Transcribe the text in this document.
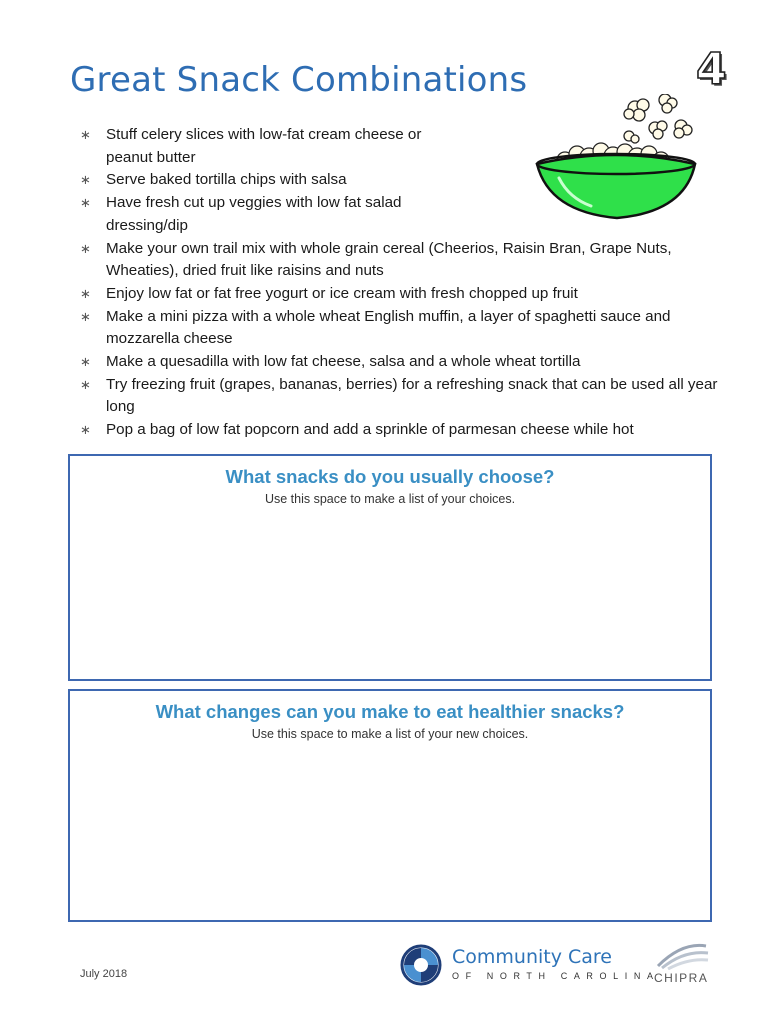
Great Snack Combinations	4
∗ Stuff celery slices with low-fat cream cheese or peanut butter
∗ Serve baked tortilla chips with salsa
∗ Have fresh cut up veggies with low fat salad dressing/dip
∗ Make your own trail mix with whole grain cereal (Cheerios, Raisin Bran, Grape Nuts, Wheaties), dried fruit like raisins and nuts
∗ Enjoy low fat or fat free yogurt or ice cream with fresh chopped up fruit
∗ Make a mini pizza with a whole wheat English muffin, a layer of spaghetti sauce and mozzarella cheese
∗ Make a quesadilla with low fat cheese, salsa and a whole wheat tortilla
∗ Try freezing fruit (grapes, bananas, berries) for a refreshing snack that can be used all year long
∗ Pop a bag of low fat popcorn and add a sprinkle of parmesan cheese while hot
What snacks do you usually choose?

Use this space to make a list of your choices.

What changes can you make to eat healthier snacks?

Use this space to make a list of your new choices.

July 2018
Community Care
OF NORTH CAROLINA
CHIPRA
